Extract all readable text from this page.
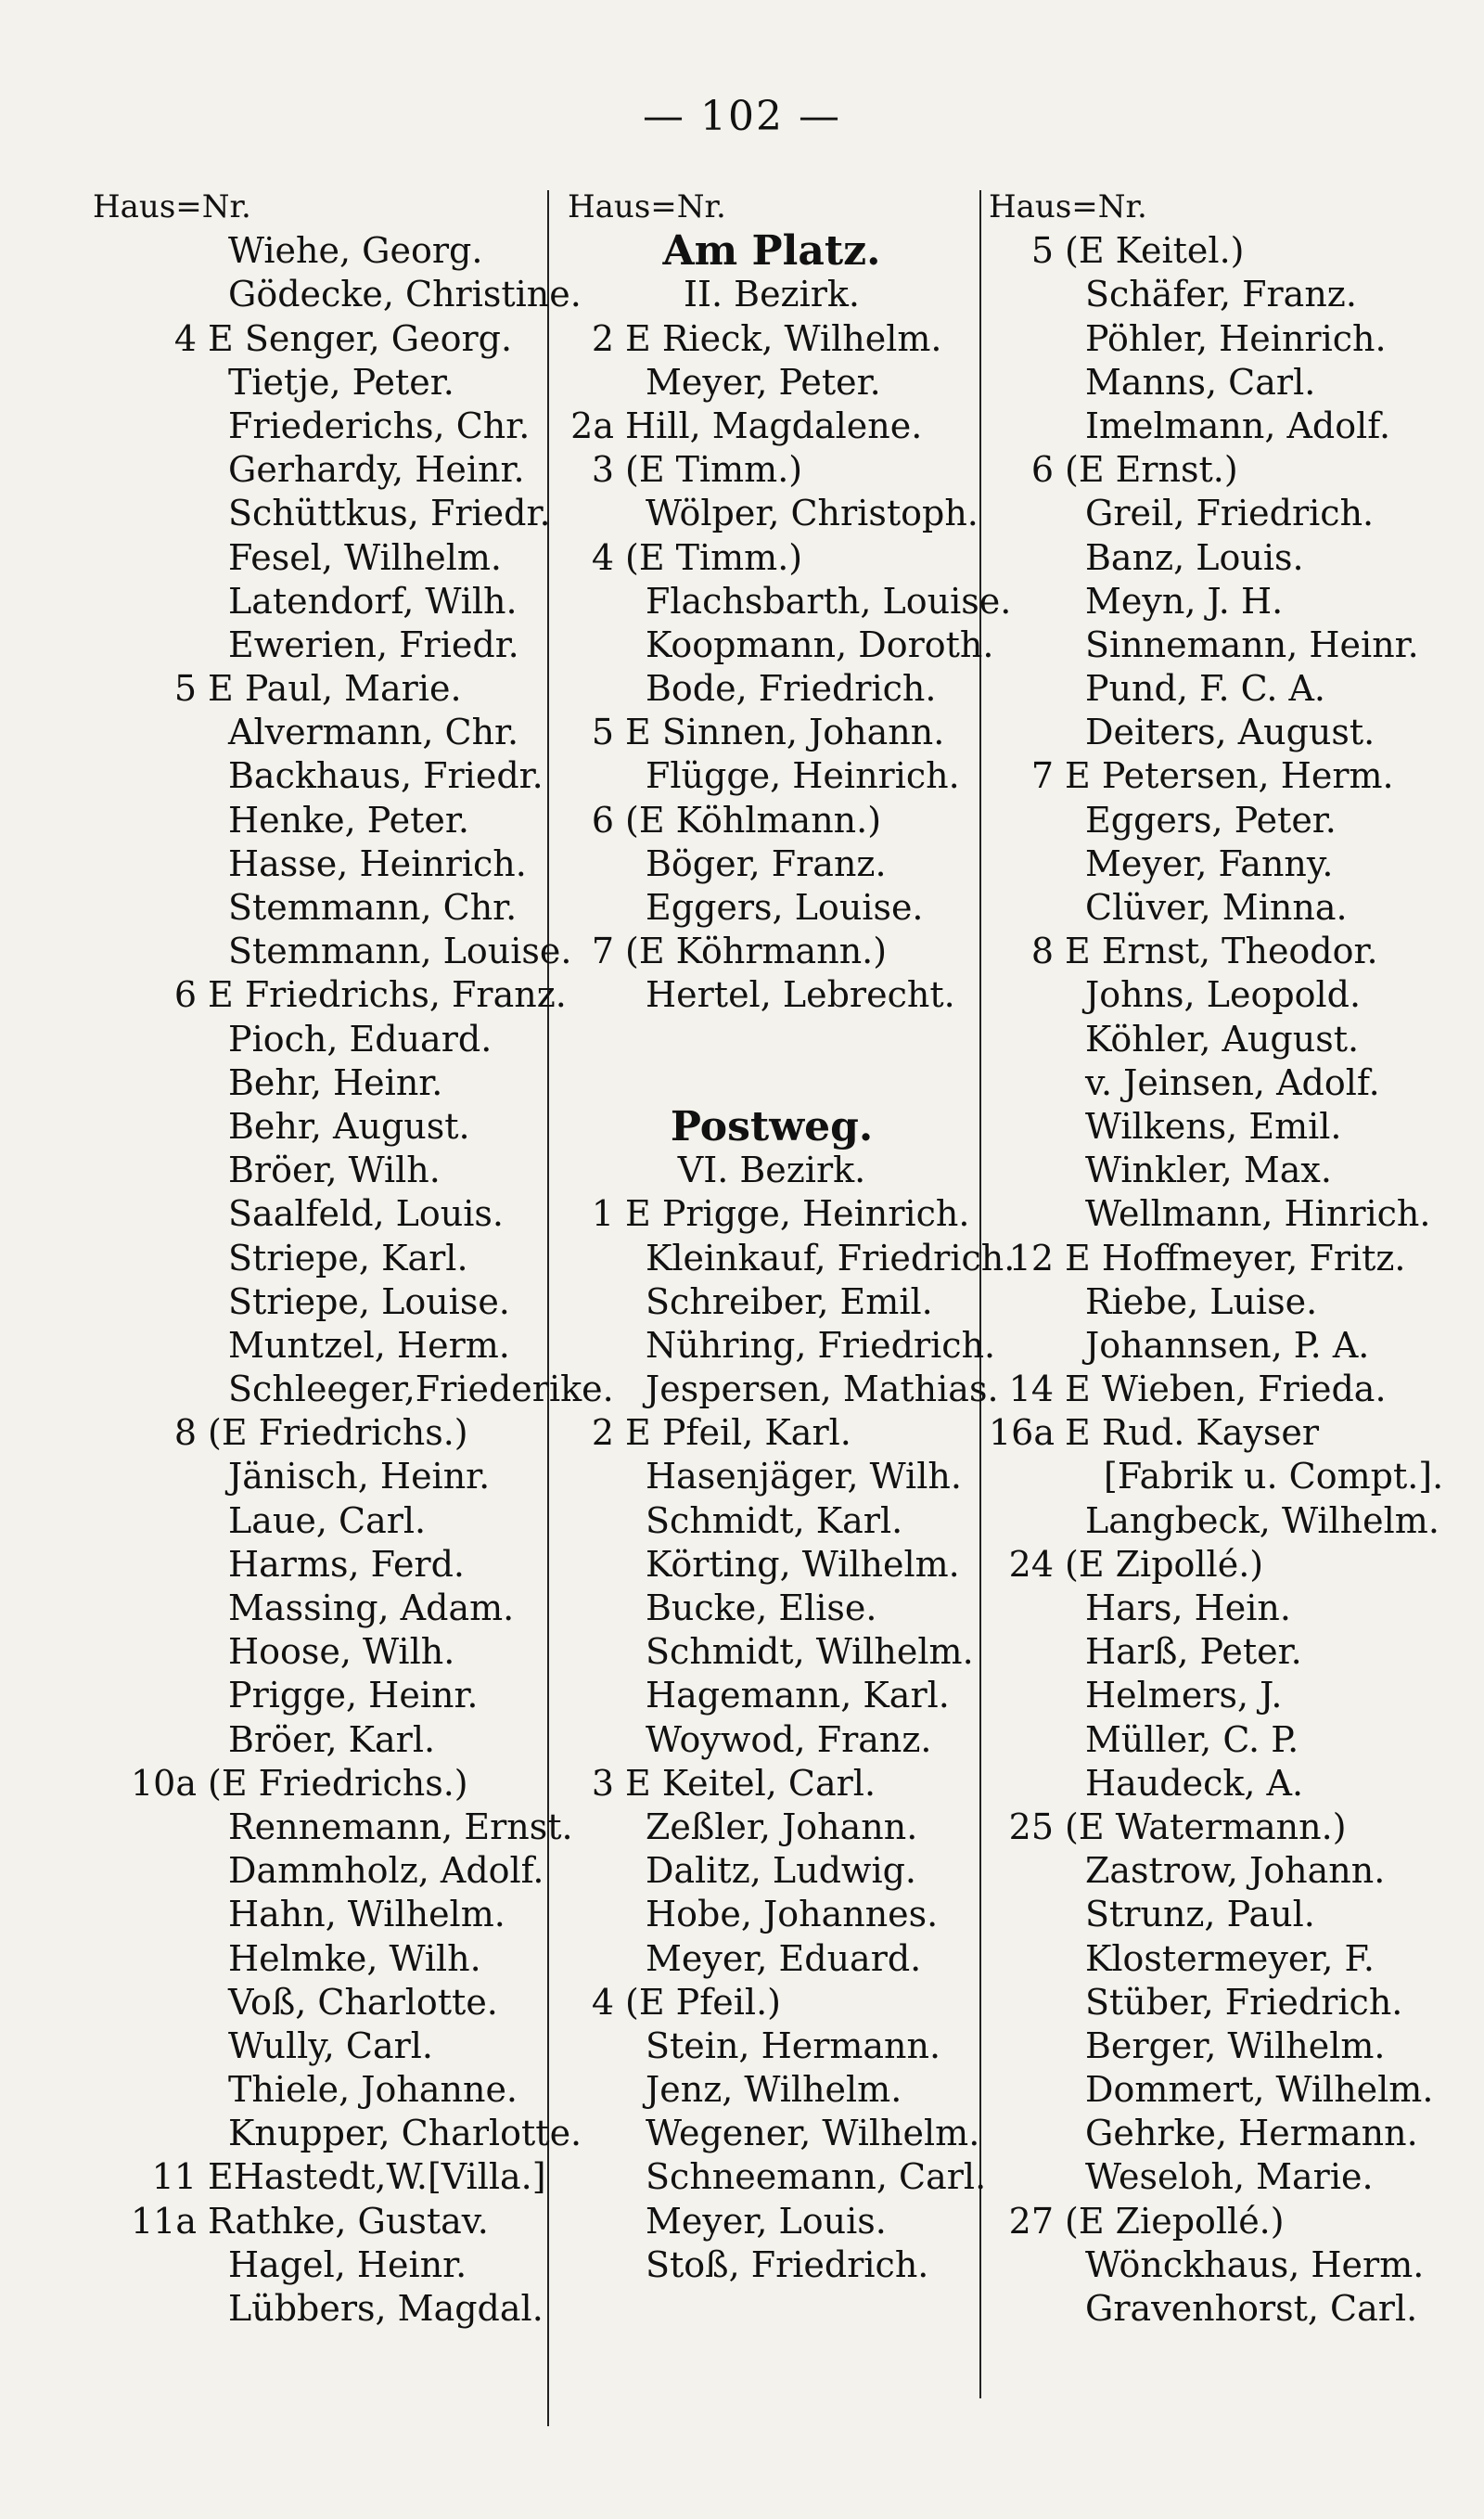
— 102 —
Haus=Nr.
Wiehe, Georg.
Gödecke, Christine.
4 E Senger, Georg.
Tietje, Peter.
Friederichs, Chr.
Gerhardy, Heinr.
Schüttkus, Friedr.
Fesel, Wilhelm.
Latendorf, Wilh.
Ewerien, Friedr.
5 E Paul, Marie.
Alvermann, Chr.
Backhaus, Friedr.
Henke, Peter.
Hasse, Heinrich.
Stemmann, Chr.
Stemmann, Louise.
6 E Friedrichs, Franz.
Pioch, Eduard.
Behr, Heinr.
Behr, August.
Bröer, Wilh.
Saalfeld, Louis.
Striepe, Karl.
Striepe, Louise.
Muntzel, Herm.
Schleeger,Friederike.
8 (E Friedrichs.)
Jänisch, Heinr.
Laue, Carl.
Harms, Ferd.
Massing, Adam.
Hoose, Wilh.
Prigge, Heinr.
Bröer, Karl.
10a (E Friedrichs.)
Rennemann, Ernst.
Dammholz, Adolf.
Hahn, Wilhelm.
Helmke, Wilh.
Voß, Charlotte.
Wully, Carl.
Thiele, Johanne.
Knupper, Charlotte.
11 EHastedt,W.[Villa.]
11a Rathke, Gustav.
Hagel, Heinr.
Lübbers, Magdal.
Haus=Nr.
Am Platz.
II. Bezirk.
2 E Rieck, Wilhelm.
Meyer, Peter.
2a Hill, Magdalene.
3 (E Timm.)
Wölper, Christoph.
4 (E Timm.)
Flachsbarth, Louise.
Koopmann, Doroth.
Bode, Friedrich.
5 E Sinnen, Johann.
Flügge, Heinrich.
6 (E Köhlmann.)
Böger, Franz.
Eggers, Louise.
7 (E Köhrmann.)
Hertel, Lebrecht.
Postweg.
VI. Bezirk.
1 E Prigge, Heinrich.
Kleinkauf, Friedrich.
Schreiber, Emil.
Nühring, Friedrich.
Jespersen, Mathias.
2 E Pfeil, Karl.
Hasenjäger, Wilh.
Schmidt, Karl.
Körting, Wilhelm.
Bucke, Elise.
Schmidt, Wilhelm.
Hagemann, Karl.
Woywod, Franz.
3 E Keitel, Carl.
Zeßler, Johann.
Dalitz, Ludwig.
Hobe, Johannes.
Meyer, Eduard.
4 (E Pfeil.)
Stein, Hermann.
Jenz, Wilhelm.
Wegener, Wilhelm.
Schneemann, Carl.
Meyer, Louis.
Stoß, Friedrich.
Haus=Nr.
5 (E Keitel.)
Schäfer, Franz.
Pöhler, Heinrich.
Manns, Carl.
Imelmann, Adolf.
6 (E Ernst.)
Greil, Friedrich.
Banz, Louis.
Meyn, J. H.
Sinnemann, Heinr.
Pund, F. C. A.
Deiters, August.
7 E Petersen, Herm.
Eggers, Peter.
Meyer, Fanny.
Clüver, Minna.
8 E Ernst, Theodor.
Johns, Leopold.
Köhler, August.
v. Jeinsen, Adolf.
Wilkens, Emil.
Winkler, Max.
Wellmann, Hinrich.
12 E Hoffmeyer, Fritz.
Riebe, Luise.
Johannsen, P. A.
14 E Wieben, Frieda.
16a E Rud. Kayser
[Fabrik u. Compt.].
Langbeck, Wilhelm.
24 (E Zipollé.)
Hars, Hein.
Harß, Peter.
Helmers, J.
Müller, C. P.
Haudeck, A.
25 (E Watermann.)
Zastrow, Johann.
Strunz, Paul.
Klostermeyer, F.
Stüber, Friedrich.
Berger, Wilhelm.
Dommert, Wilhelm.
Gehrke, Hermann.
Weseloh, Marie.
27 (E Ziepollé.)
Wönckhaus, Herm.
Gravenhorst, Carl.
